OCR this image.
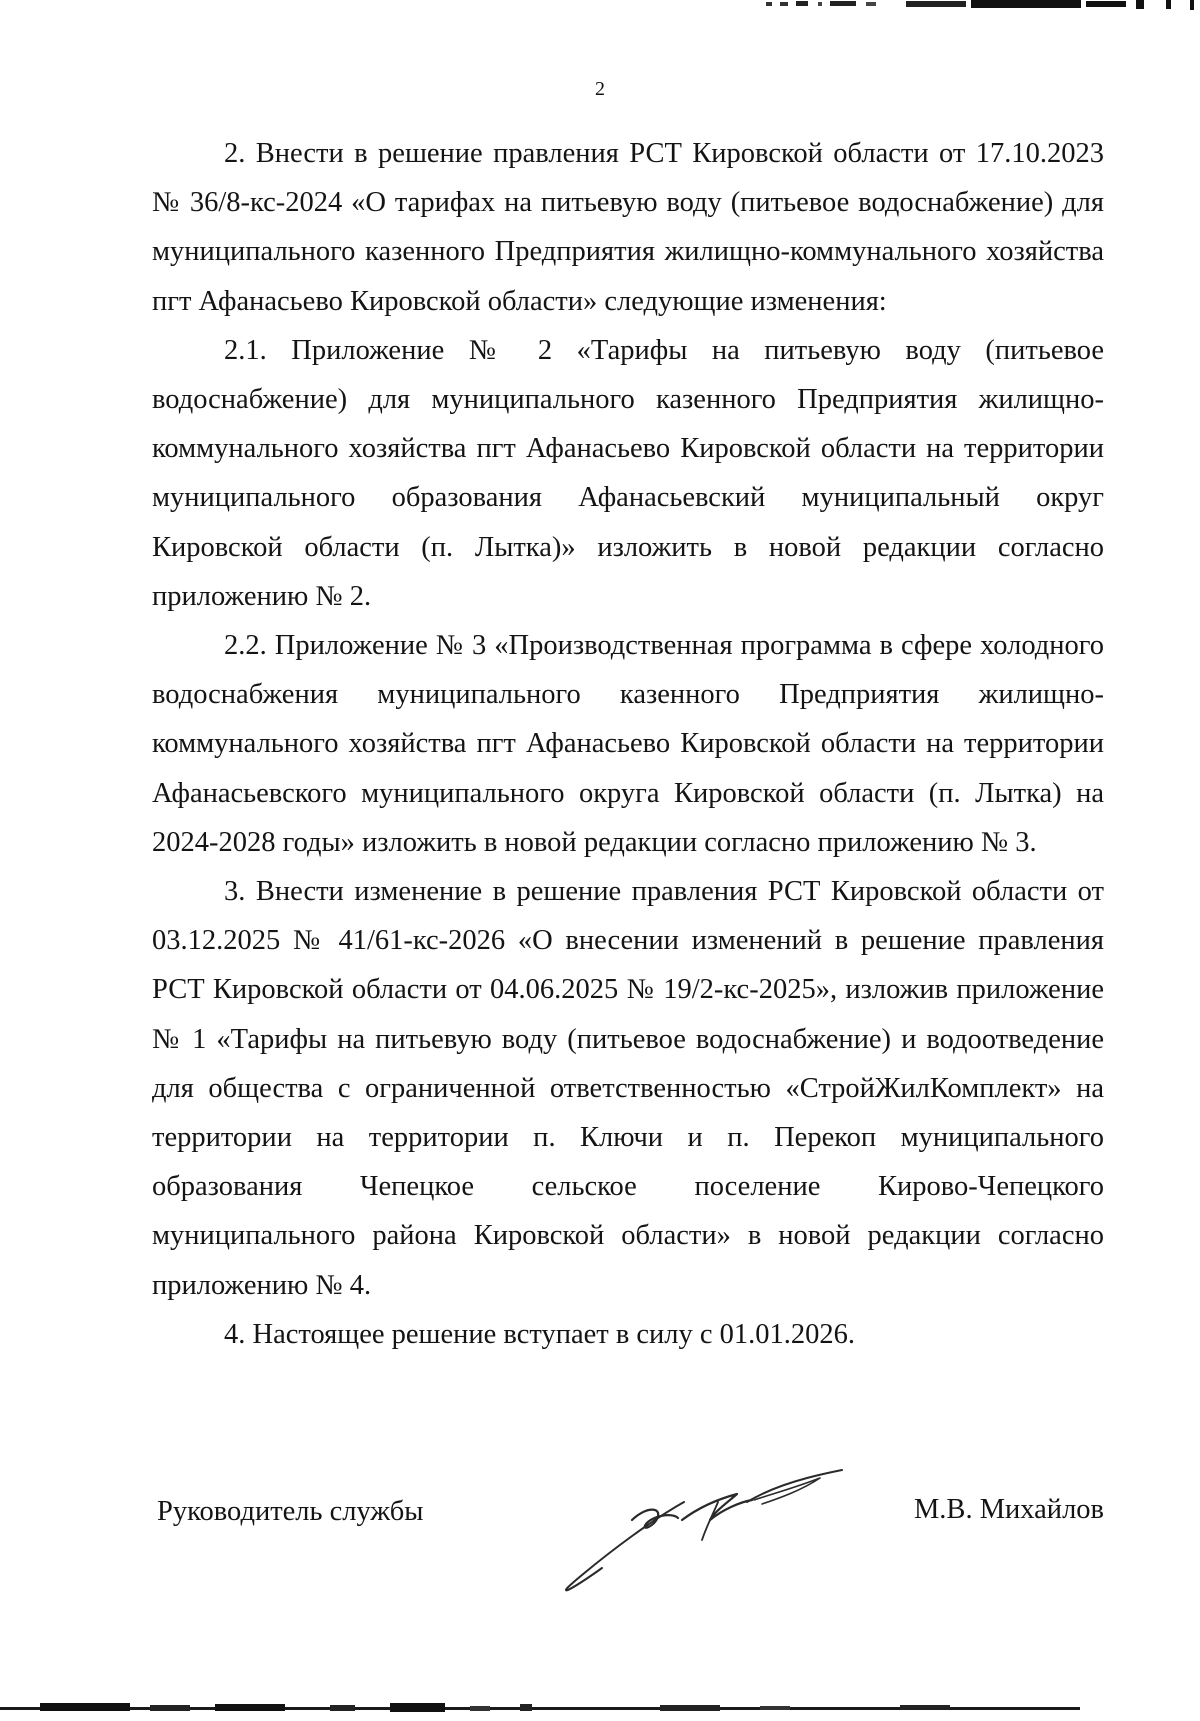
2

2. Внести в решение правления РСТ Кировской области от 17.10.2023 № 36/8-кс-2024 «О тарифах на питьевую воду (питьевое водоснабжение) для муниципального казенного Предприятия жилищно-коммунального хозяйства пгт Афанасьево Кировской области» следующие изменения:

2.1. Приложение № 2 «Тарифы на питьевую воду (питьевое водоснабжение) для муниципального казенного Предприятия жилищно-коммунального хозяйства пгт Афанасьево Кировской области на территории муниципального образования Афанасьевский муниципальный округ Кировской области (п. Лытка)» изложить в новой редакции согласно приложению № 2.

2.2. Приложение № 3 «Производственная программа в сфере холодного водоснабжения муниципального казенного Предприятия жилищно-коммунального хозяйства пгт Афанасьево Кировской области на территории Афанасьевского муниципального округа Кировской области (п. Лытка) на 2024-2028 годы» изложить в новой редакции согласно приложению № 3.

3. Внести изменение в решение правления РСТ Кировской области от 03.12.2025 № 41/61-кс-2026 «О внесении изменений в решение правления РСТ Кировской области от 04.06.2025 № 19/2-кс-2025», изложив приложение № 1 «Тарифы на питьевую воду (питьевое водоснабжение) и водоотведение для общества с ограниченной ответственностью «СтройЖилКомплект» на территории на территории п. Ключи и п. Перекоп муниципального образования Чепецкое сельское поселение Кирово-Чепецкого муниципального района Кировской области» в новой редакции согласно приложению № 4.

4. Настоящее решение вступает в силу с 01.01.2026.

Руководитель службы	М.В. Михайлов
